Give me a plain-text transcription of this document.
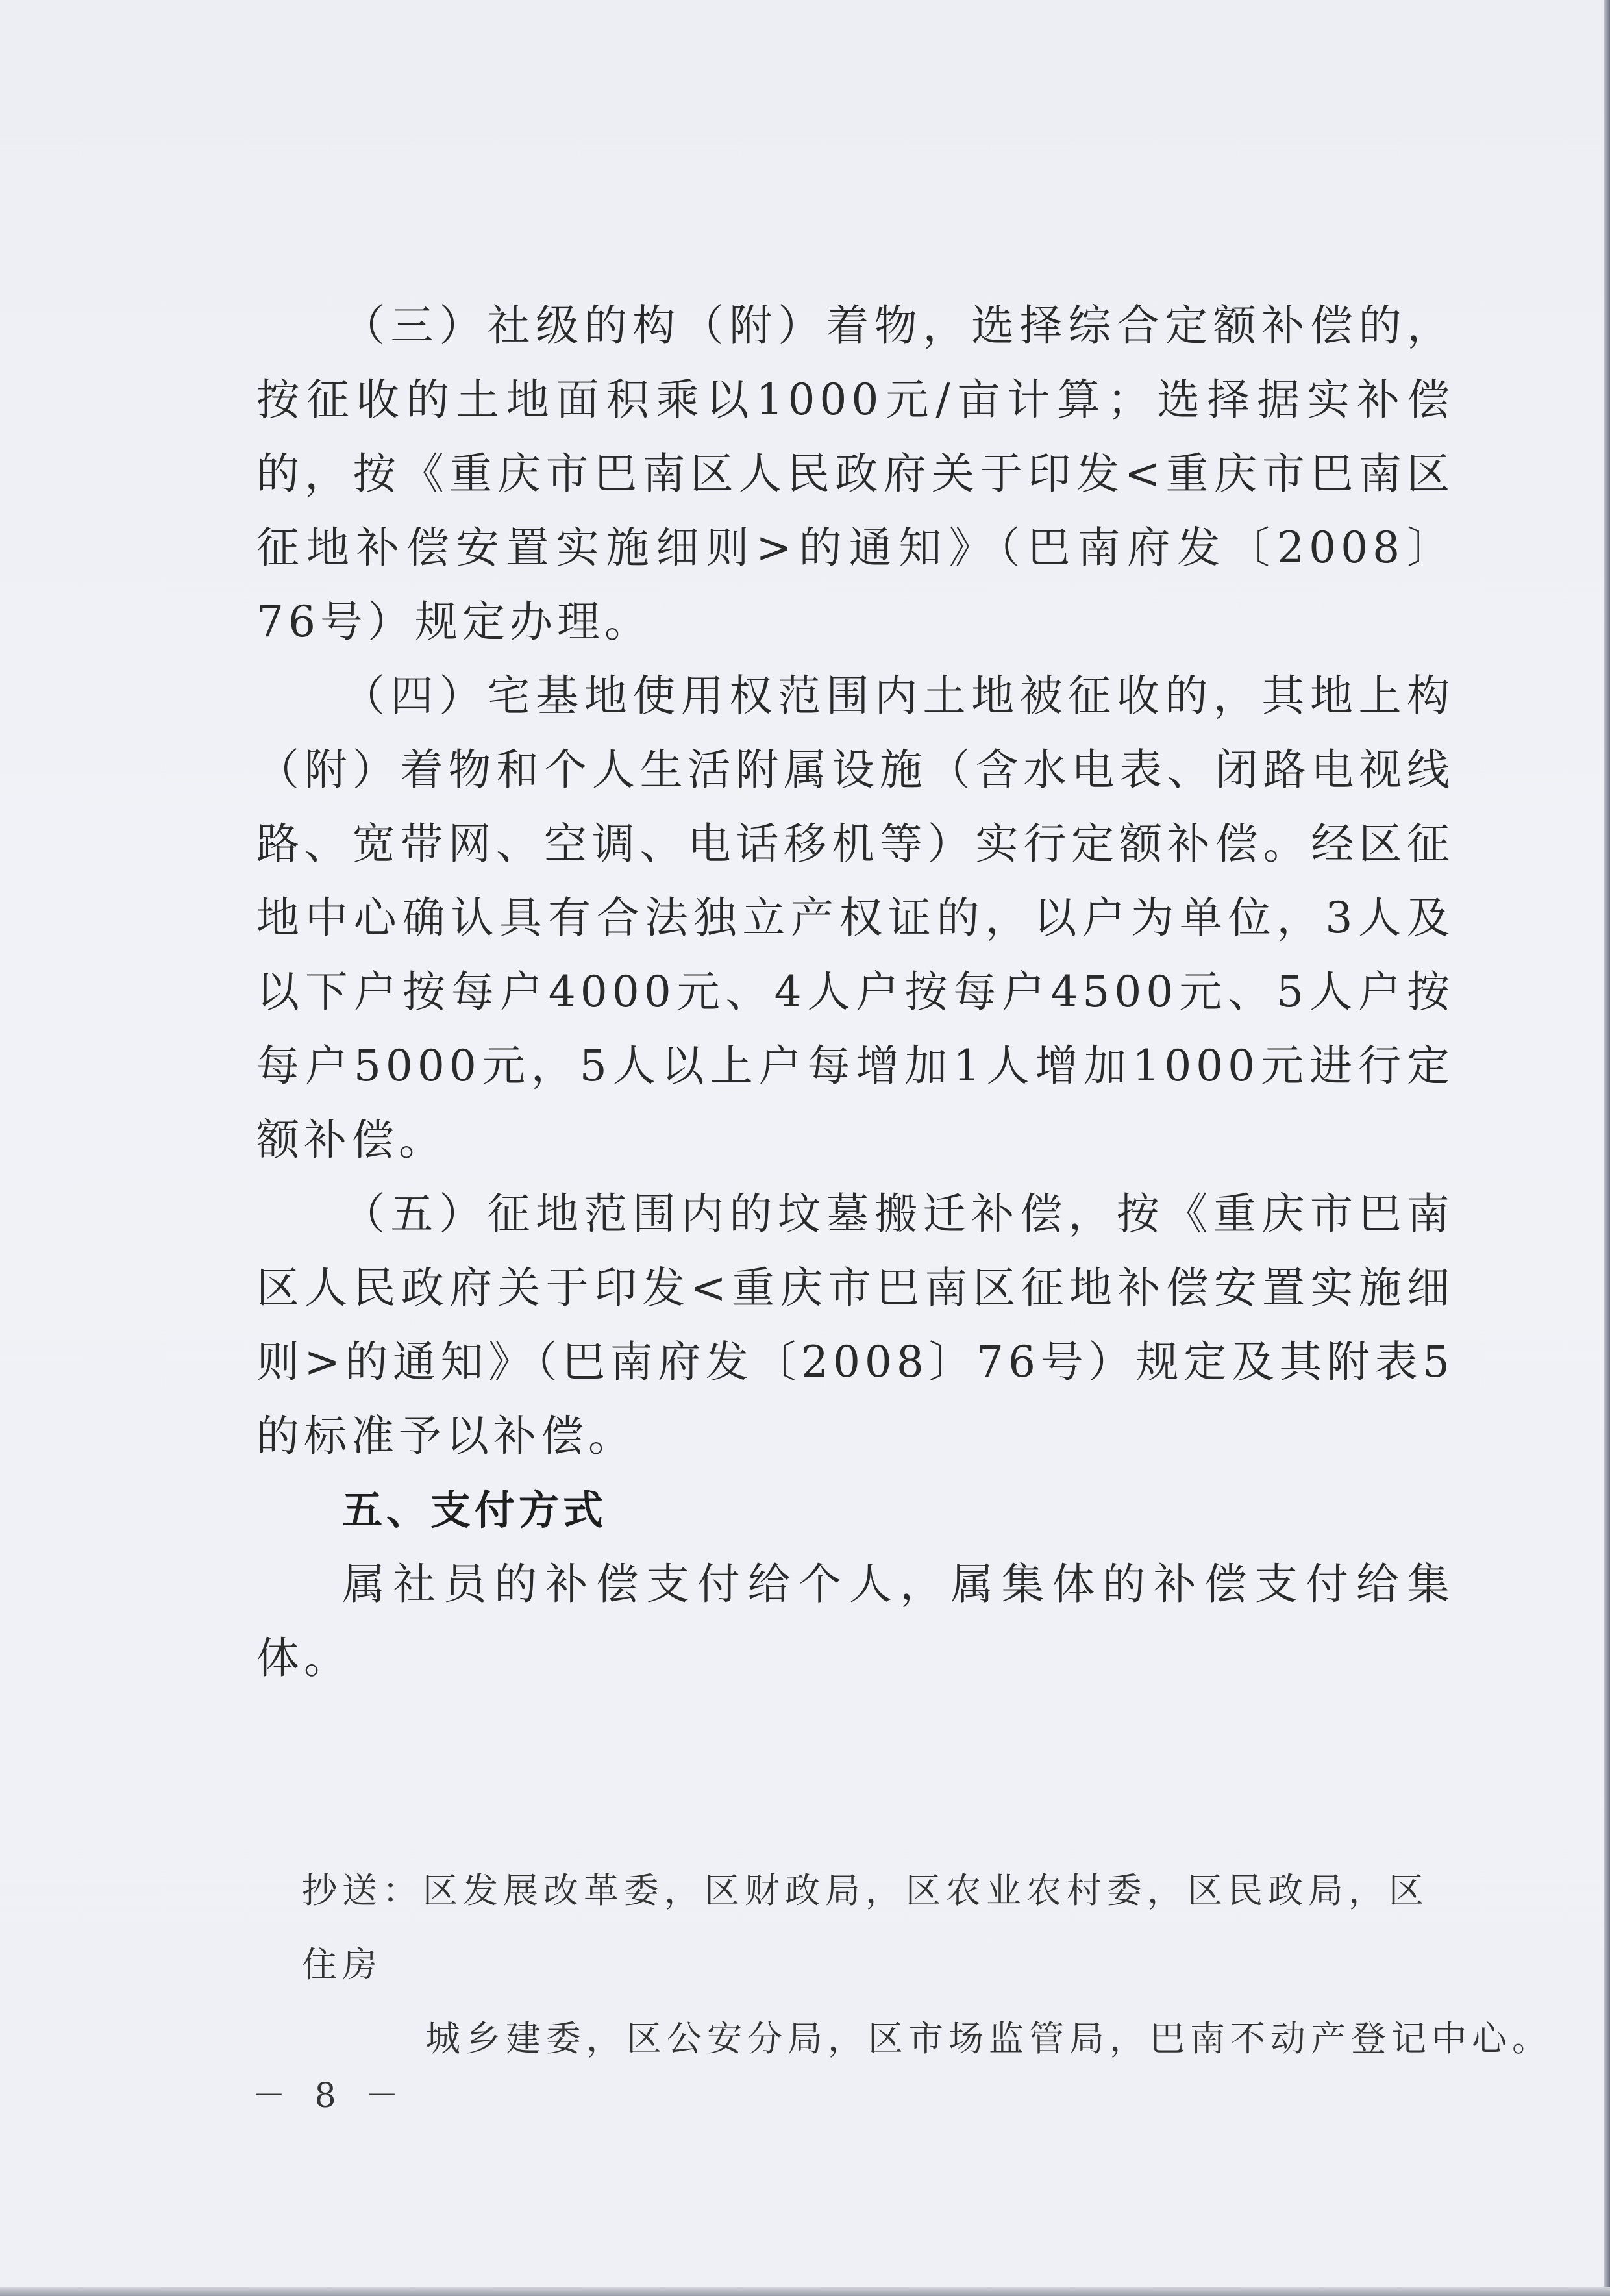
（三）社级的构（附）着物，选择综合定额补偿的，按征收的土地面积乘以1000元/亩计算；选择据实补偿的，按《重庆市巴南区人民政府关于印发<重庆市巴南区征地补偿安置实施细则>的通知》（巴南府发〔2008〕76号）规定办理。

（四）宅基地使用权范围内土地被征收的，其地上构（附）着物和个人生活附属设施（含水电表、闭路电视线路、宽带网、空调、电话移机等）实行定额补偿。经区征地中心确认具有合法独立产权证的，以户为单位，3人及以下户按每户4000元、4人户按每户4500元、5人户按每户5000元，5人以上户每增加1人增加1000元进行定额补偿。

（五）征地范围内的坟墓搬迁补偿，按《重庆市巴南区人民政府关于印发<重庆市巴南区征地补偿安置实施细则>的通知》（巴南府发〔2008〕76号）规定及其附表5的标准予以补偿。

五、支付方式

属社员的补偿支付给个人，属集体的补偿支付给集体。

抄送：区发展改革委，区财政局，区农业农村委，区民政局，区住房
城乡建委，区公安分局，区市场监管局，巴南不动产登记中心。
－ 8 －
